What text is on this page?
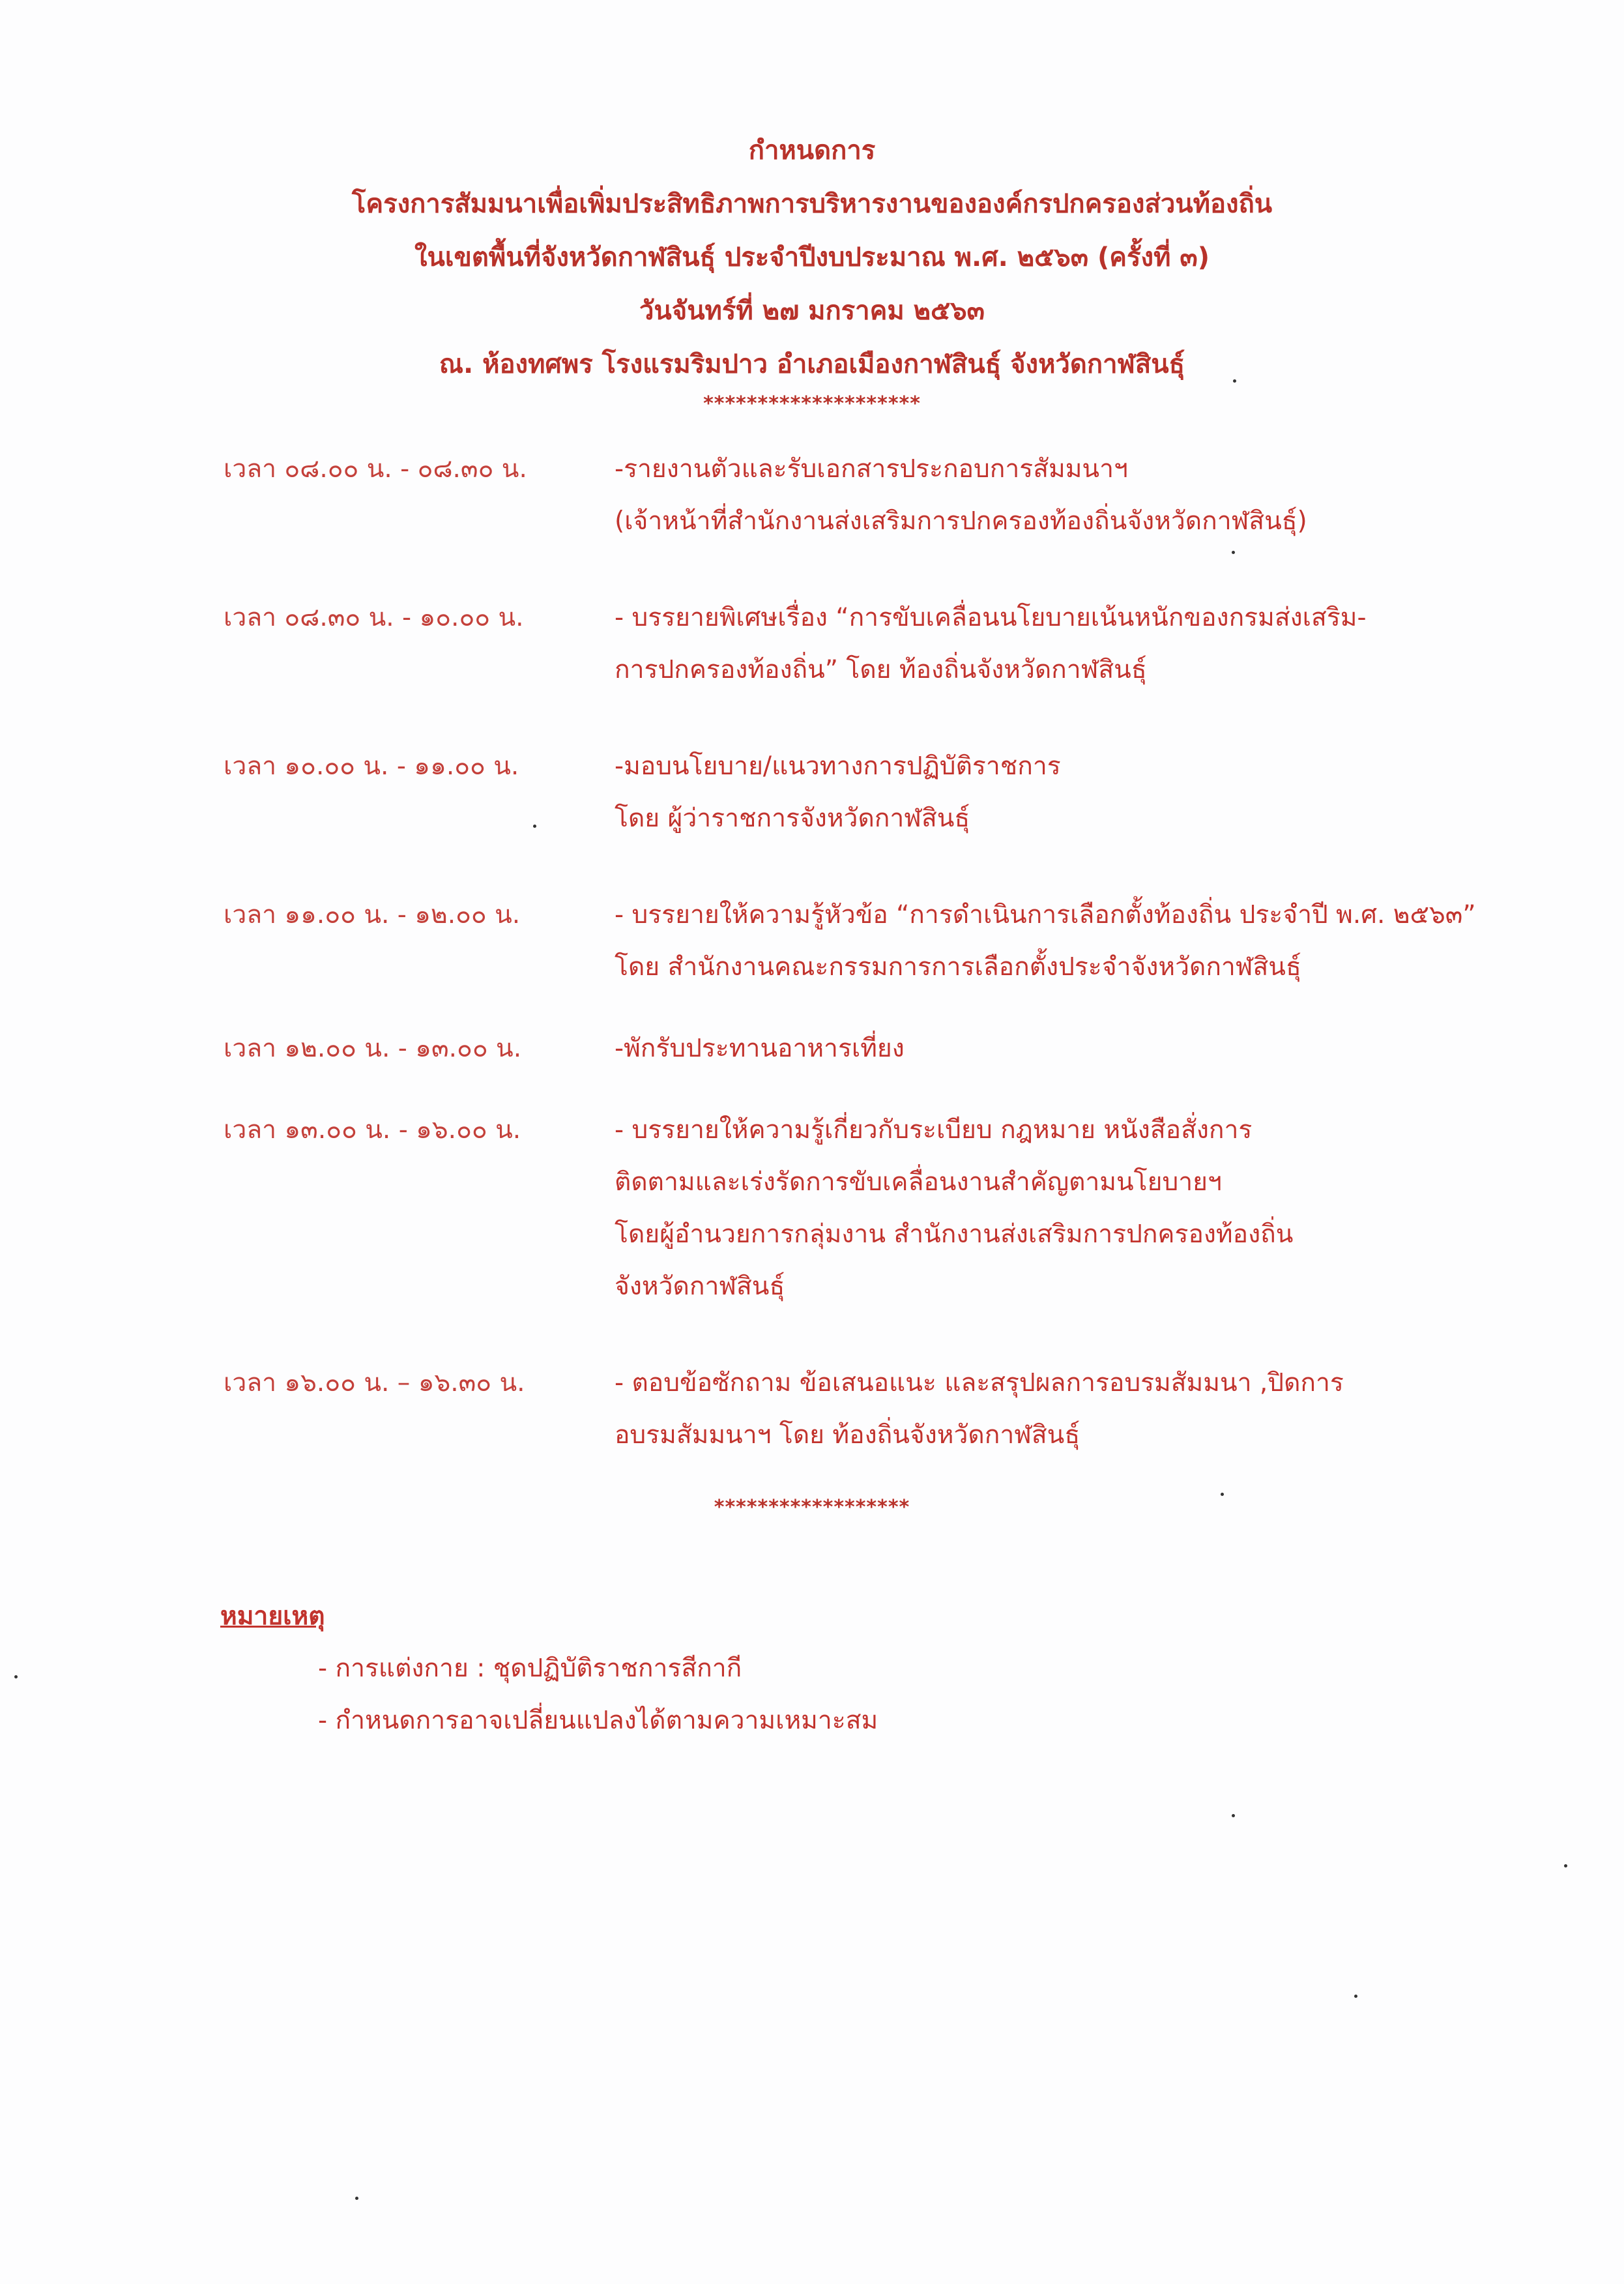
กำหนดการ
โครงการสัมมนาเพื่อเพิ่มประสิทธิภาพการบริหารงานขององค์กรปกครองส่วนท้องถิ่น
ในเขตพื้นที่จังหวัดกาฬสินธุ์ ประจำปีงบประมาณ พ.ศ. ๒๕๖๓ (ครั้งที่ ๓)
วันจันทร์ที่ ๒๗ มกราคม ๒๕๖๓
ณ. ห้องทศพร โรงแรมริมปาว อำเภอเมืองกาฬสินธุ์ จังหวัดกาฬสินธุ์
********************
เวลา ๐๘.๐๐ น. - ๐๘.๓๐ น.	-รายงานตัวและรับเอกสารประกอบการสัมมนาฯ
(เจ้าหน้าที่สำนักงานส่งเสริมการปกครองท้องถิ่นจังหวัดกาฬสินธุ์)
เวลา ๐๘.๓๐ น. - ๑๐.๐๐ น.	- บรรยายพิเศษเรื่อง “การขับเคลื่อนนโยบายเน้นหนักของกรมส่งเสริม-
การปกครองท้องถิ่น” โดย ท้องถิ่นจังหวัดกาฬสินธุ์
เวลา ๑๐.๐๐ น. - ๑๑.๐๐ น.	-มอบนโยบาย/แนวทางการปฏิบัติราชการ
โดย ผู้ว่าราชการจังหวัดกาฬสินธุ์
เวลา ๑๑.๐๐ น. - ๑๒.๐๐ น.	- บรรยายให้ความรู้หัวข้อ “การดำเนินการเลือกตั้งท้องถิ่น ประจำปี พ.ศ. ๒๕๖๓”
โดย สำนักงานคณะกรรมการการเลือกตั้งประจำจังหวัดกาฬสินธุ์
เวลา ๑๒.๐๐ น. - ๑๓.๐๐ น.	-พักรับประทานอาหารเที่ยง
เวลา ๑๓.๐๐ น. - ๑๖.๐๐ น.	- บรรยายให้ความรู้เกี่ยวกับระเบียบ กฎหมาย หนังสือสั่งการ
ติดตามและเร่งรัดการขับเคลื่อนงานสำคัญตามนโยบายฯ
โดยผู้อำนวยการกลุ่มงาน สำนักงานส่งเสริมการปกครองท้องถิ่น
จังหวัดกาฬสินธุ์
เวลา ๑๖.๐๐ น. – ๑๖.๓๐ น.	- ตอบข้อซักถาม ข้อเสนอแนะ และสรุปผลการอบรมสัมมนา ,ปิดการ
อบรมสัมมนาฯ โดย ท้องถิ่นจังหวัดกาฬสินธุ์
******************
หมายเหตุ
- การแต่งกาย : ชุดปฏิบัติราชการสีกากี
- กำหนดการอาจเปลี่ยนแปลงได้ตามความเหมาะสม
